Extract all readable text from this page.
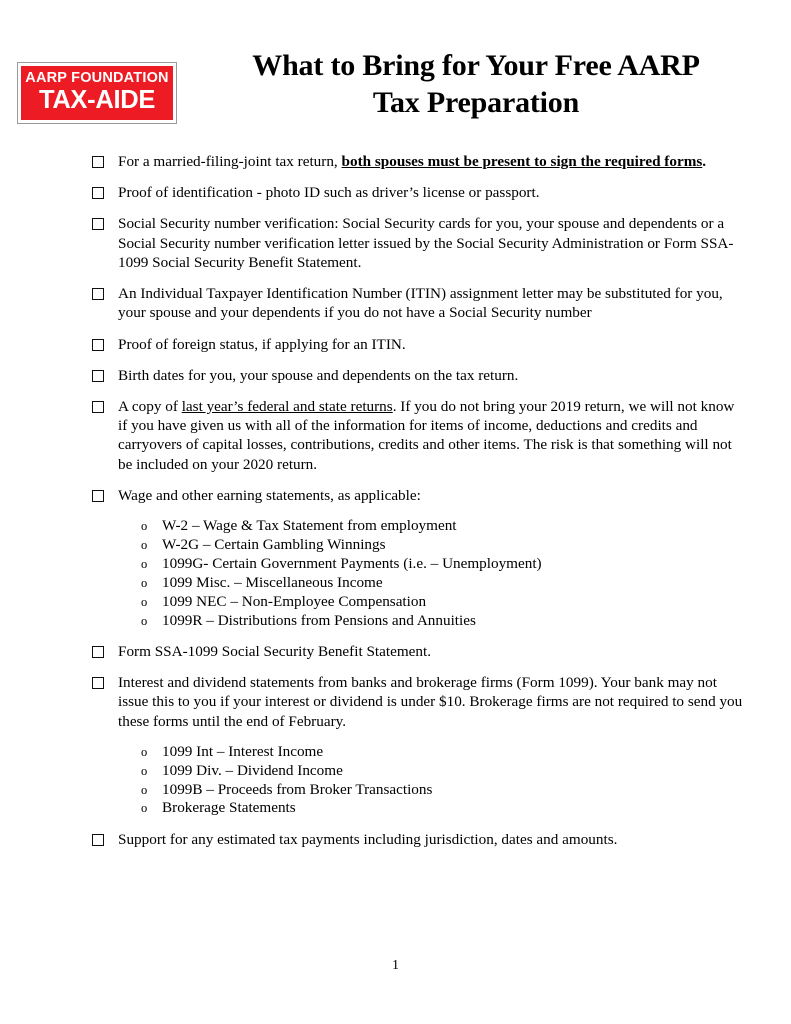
AARP FOUNDATION
TAX-AIDE
What to Bring for Your Free AARP
Tax Preparation
For a married-filing-joint tax return, both spouses must be present to sign the required forms.
Proof of identification - photo ID such as driver’s license or passport.
Social Security number verification: Social Security cards for you, your spouse and dependents or a Social Security number verification letter issued by the Social Security Administration or Form SSA-1099 Social Security Benefit Statement.
An Individual Taxpayer Identification Number (ITIN) assignment letter may be substituted for you, your spouse and your dependents if you do not have a Social Security number
Proof of foreign status, if applying for an ITIN.
Birth dates for you, your spouse and dependents on the tax return.
A copy of last year’s federal and state returns. If you do not bring your 2019 return, we will not know if you have given us with all of the information for items of income, deductions and credits and carryovers of capital losses, contributions, credits and other items. The risk is that something will not be included on your 2020 return.
Wage and other earning statements, as applicable:
o W-2 – Wage & Tax Statement from employment
o W-2G – Certain Gambling Winnings
o 1099G- Certain Government Payments (i.e. – Unemployment)
o 1099 Misc. – Miscellaneous Income
o 1099 NEC – Non-Employee Compensation
o 1099R – Distributions from Pensions and Annuities
Form SSA-1099 Social Security Benefit Statement.
Interest and dividend statements from banks and brokerage firms (Form 1099). Your bank may not issue this to you if your interest or dividend is under $10. Brokerage firms are not required to send you these forms until the end of February.
o 1099 Int – Interest Income
o 1099 Div. – Dividend Income
o 1099B – Proceeds from Broker Transactions
o Brokerage Statements
Support for any estimated tax payments including jurisdiction, dates and amounts.
1
